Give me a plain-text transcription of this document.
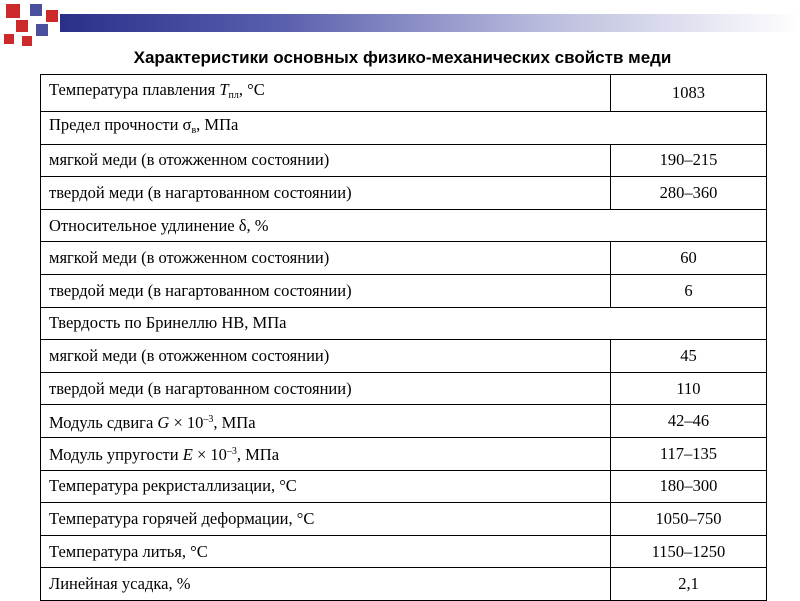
Характеристики основных физико-механических свойств меди
Температура плавления $T_{пл}$, °C	1083
Предел прочности $\sigma_в$, МПа	
мягкой меди (в отожженном состоянии)	190–215
твердой меди (в нагартованном состоянии)	280–360
Относительное удлинение δ, %	
мягкой меди (в отожженном состоянии)	60
твердой меди (в нагартованном состоянии)	6
Твердость по Бринеллю НВ, МПа	
мягкой меди (в отожженном состоянии)	45
твердой меди (в нагартованном состоянии)	110
Модуль сдвига $G \times 10^{-3}$, МПа	42–46
Модуль упругости $E \times 10^{-3}$, МПа	117–135
Температура рекристаллизации, °C	180–300
Температура горячей деформации, °C	1050–750
Температура литья, °C	1150–1250
Линейная усадка, %	2,1
